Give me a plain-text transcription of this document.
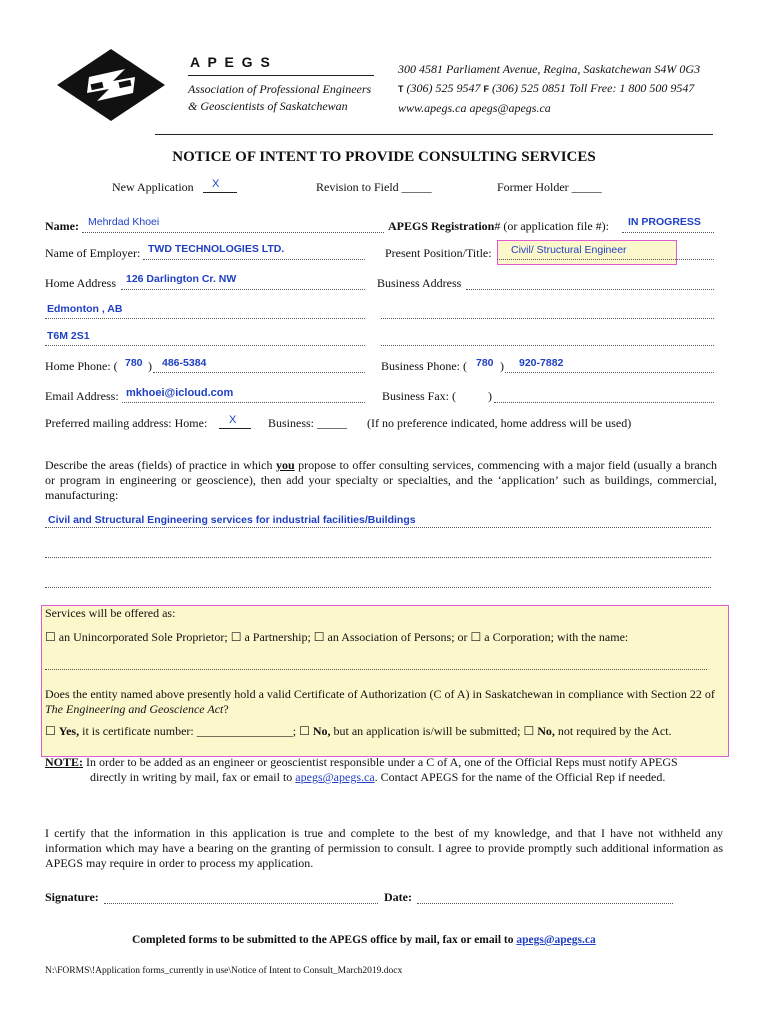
A P E G S
Association of Professional Engineers
& Geoscientists of Saskatchewan
300 4581 Parliament Avenue, Regina, Saskatchewan S4W 0G3
T (306) 525 9547 F (306) 525 0851 Toll Free: 1 800 500 9547
www.apegs.ca apegs@apegs.ca
NOTICE OF INTENT TO PROVIDE CONSULTING SERVICES
New Application X	Revision to Field _____	Former Holder _____
Name: Mehrdad Khoei	APEGS Registration# (or application file #): IN PROGRESS
Name of Employer: TWD TECHNOLOGIES LTD.	Present Position/Title: Civil/ Structural Engineer
Home Address 126 Darlington Cr. NW	Business Address
Edmonton , AB
T6M 2S1
Home Phone: ( 780 ) 486-5384	Business Phone: ( 780 ) 920-7882
Email Address: mkhoei@icloud.com	Business Fax: (	)
Preferred mailing address: Home: X	Business: _____ (If no preference indicated, home address will be used)
Describe the areas (fields) of practice in which you propose to offer consulting services, commencing with a major field (usually a branch or program in engineering or geoscience), then add your specialty or specialties, and the ‘application’ such as buildings, commercial, manufacturing:
Civil and Structural Engineering services for industrial facilities/Buildings
Services will be offered as:
☐ an Unincorporated Sole Proprietor; ☐ a Partnership; ☐ an Association of Persons; or ☐ a Corporation; with the name:
Does the entity named above presently hold a valid Certificate of Authorization (C of A) in Saskatchewan in compliance with Section 22 of The Engineering and Geoscience Act?
☐ Yes, it is certificate number: ________________; ☐ No, but an application is/will be submitted; ☐ No, not required by the Act.
NOTE: In order to be added as an engineer or geoscientist responsible under a C of A, one of the Official Reps must notify APEGS
directly in writing by mail, fax or email to apegs@apegs.ca. Contact APEGS for the name of the Official Rep if needed.
I certify that the information in this application is true and complete to the best of my knowledge, and that I have not withheld any information which may have a bearing on the granting of permission to consult. I agree to provide promptly such additional information as APEGS may require in order to process my application.
Signature:	Date:
Completed forms to be submitted to the APEGS office by mail, fax or email to apegs@apegs.ca
N:\FORMS\!Application forms_currently in use\Notice of Intent to Consult_March2019.docx
